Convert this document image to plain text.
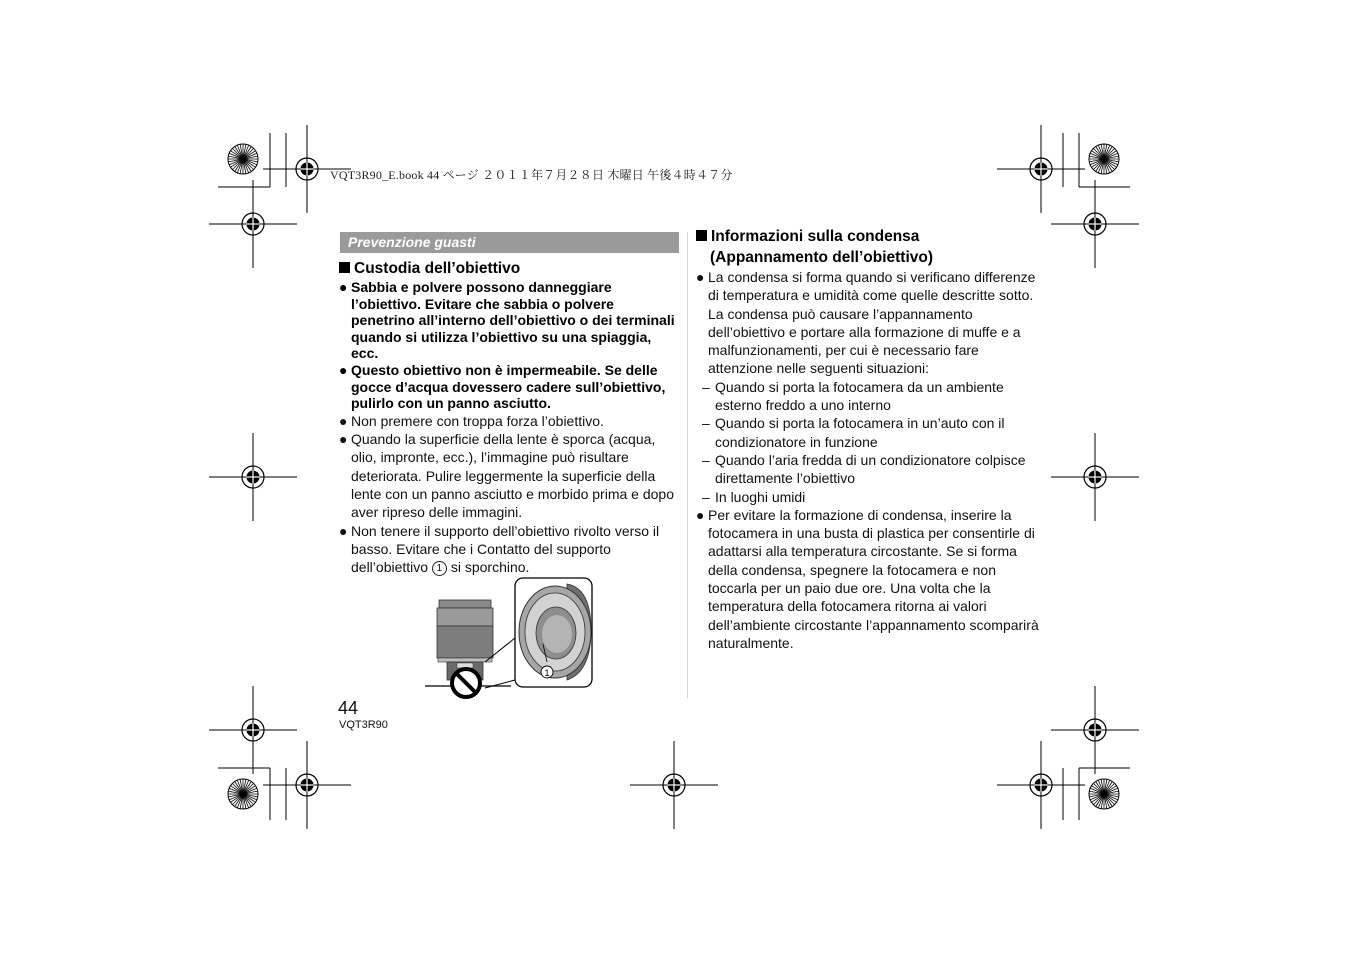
VQT3R90_E.book 44 ページ ２０１１年７月２８日 木曜日 午後４時４７分
Prevenzione guasti
Custodia dell’obiettivo
● Sabbia e polvere possono danneggiare l’obiettivo. Evitare che sabbia o polvere penetrino all’interno dell’obiettivo o dei terminali quando si utilizza l’obiettivo su una spiaggia, ecc.
● Questo obiettivo non è impermeabile. Se delle gocce d’acqua dovessero cadere sull’obiettivo, pulirlo con un panno asciutto.
● Non premere con troppa forza l’obiettivo.
● Quando la superficie della lente è sporca (acqua, olio, impronte, ecc.), l’immagine può risultare deteriorata. Pulire leggermente la superficie della lente con un panno asciutto e morbido prima e dopo aver ripreso delle immagini.
● Non tenere il supporto dell’obiettivo rivolto verso il basso. Evitare che i Contatto del supporto dell’obiettivo 1 si sporchino.
1
Informazioni sulla condensa
(Appannamento dell’obiettivo)
● La condensa si forma quando si verificano differenze di temperatura e umidità come quelle descritte sotto. La condensa può causare l’appannamento dell’obiettivo e portare alla formazione di muffe e a malfunzionamenti, per cui è necessario fare attenzione nelle seguenti situazioni:
– Quando si porta la fotocamera da un ambiente esterno freddo a uno interno
– Quando si porta la fotocamera in un’auto con il condizionatore in funzione
– Quando l’aria fredda di un condizionatore colpisce direttamente l’obiettivo
– In luoghi umidi
● Per evitare la formazione di condensa, inserire la fotocamera in una busta di plastica per consentirle di adattarsi alla temperatura circostante. Se si forma della condensa, spegnere la fotocamera e non toccarla per un paio due ore. Una volta che la temperatura della fotocamera ritorna ai valori dell’ambiente circostante l’appannamento scomparirà naturalmente.
44
VQT3R90
